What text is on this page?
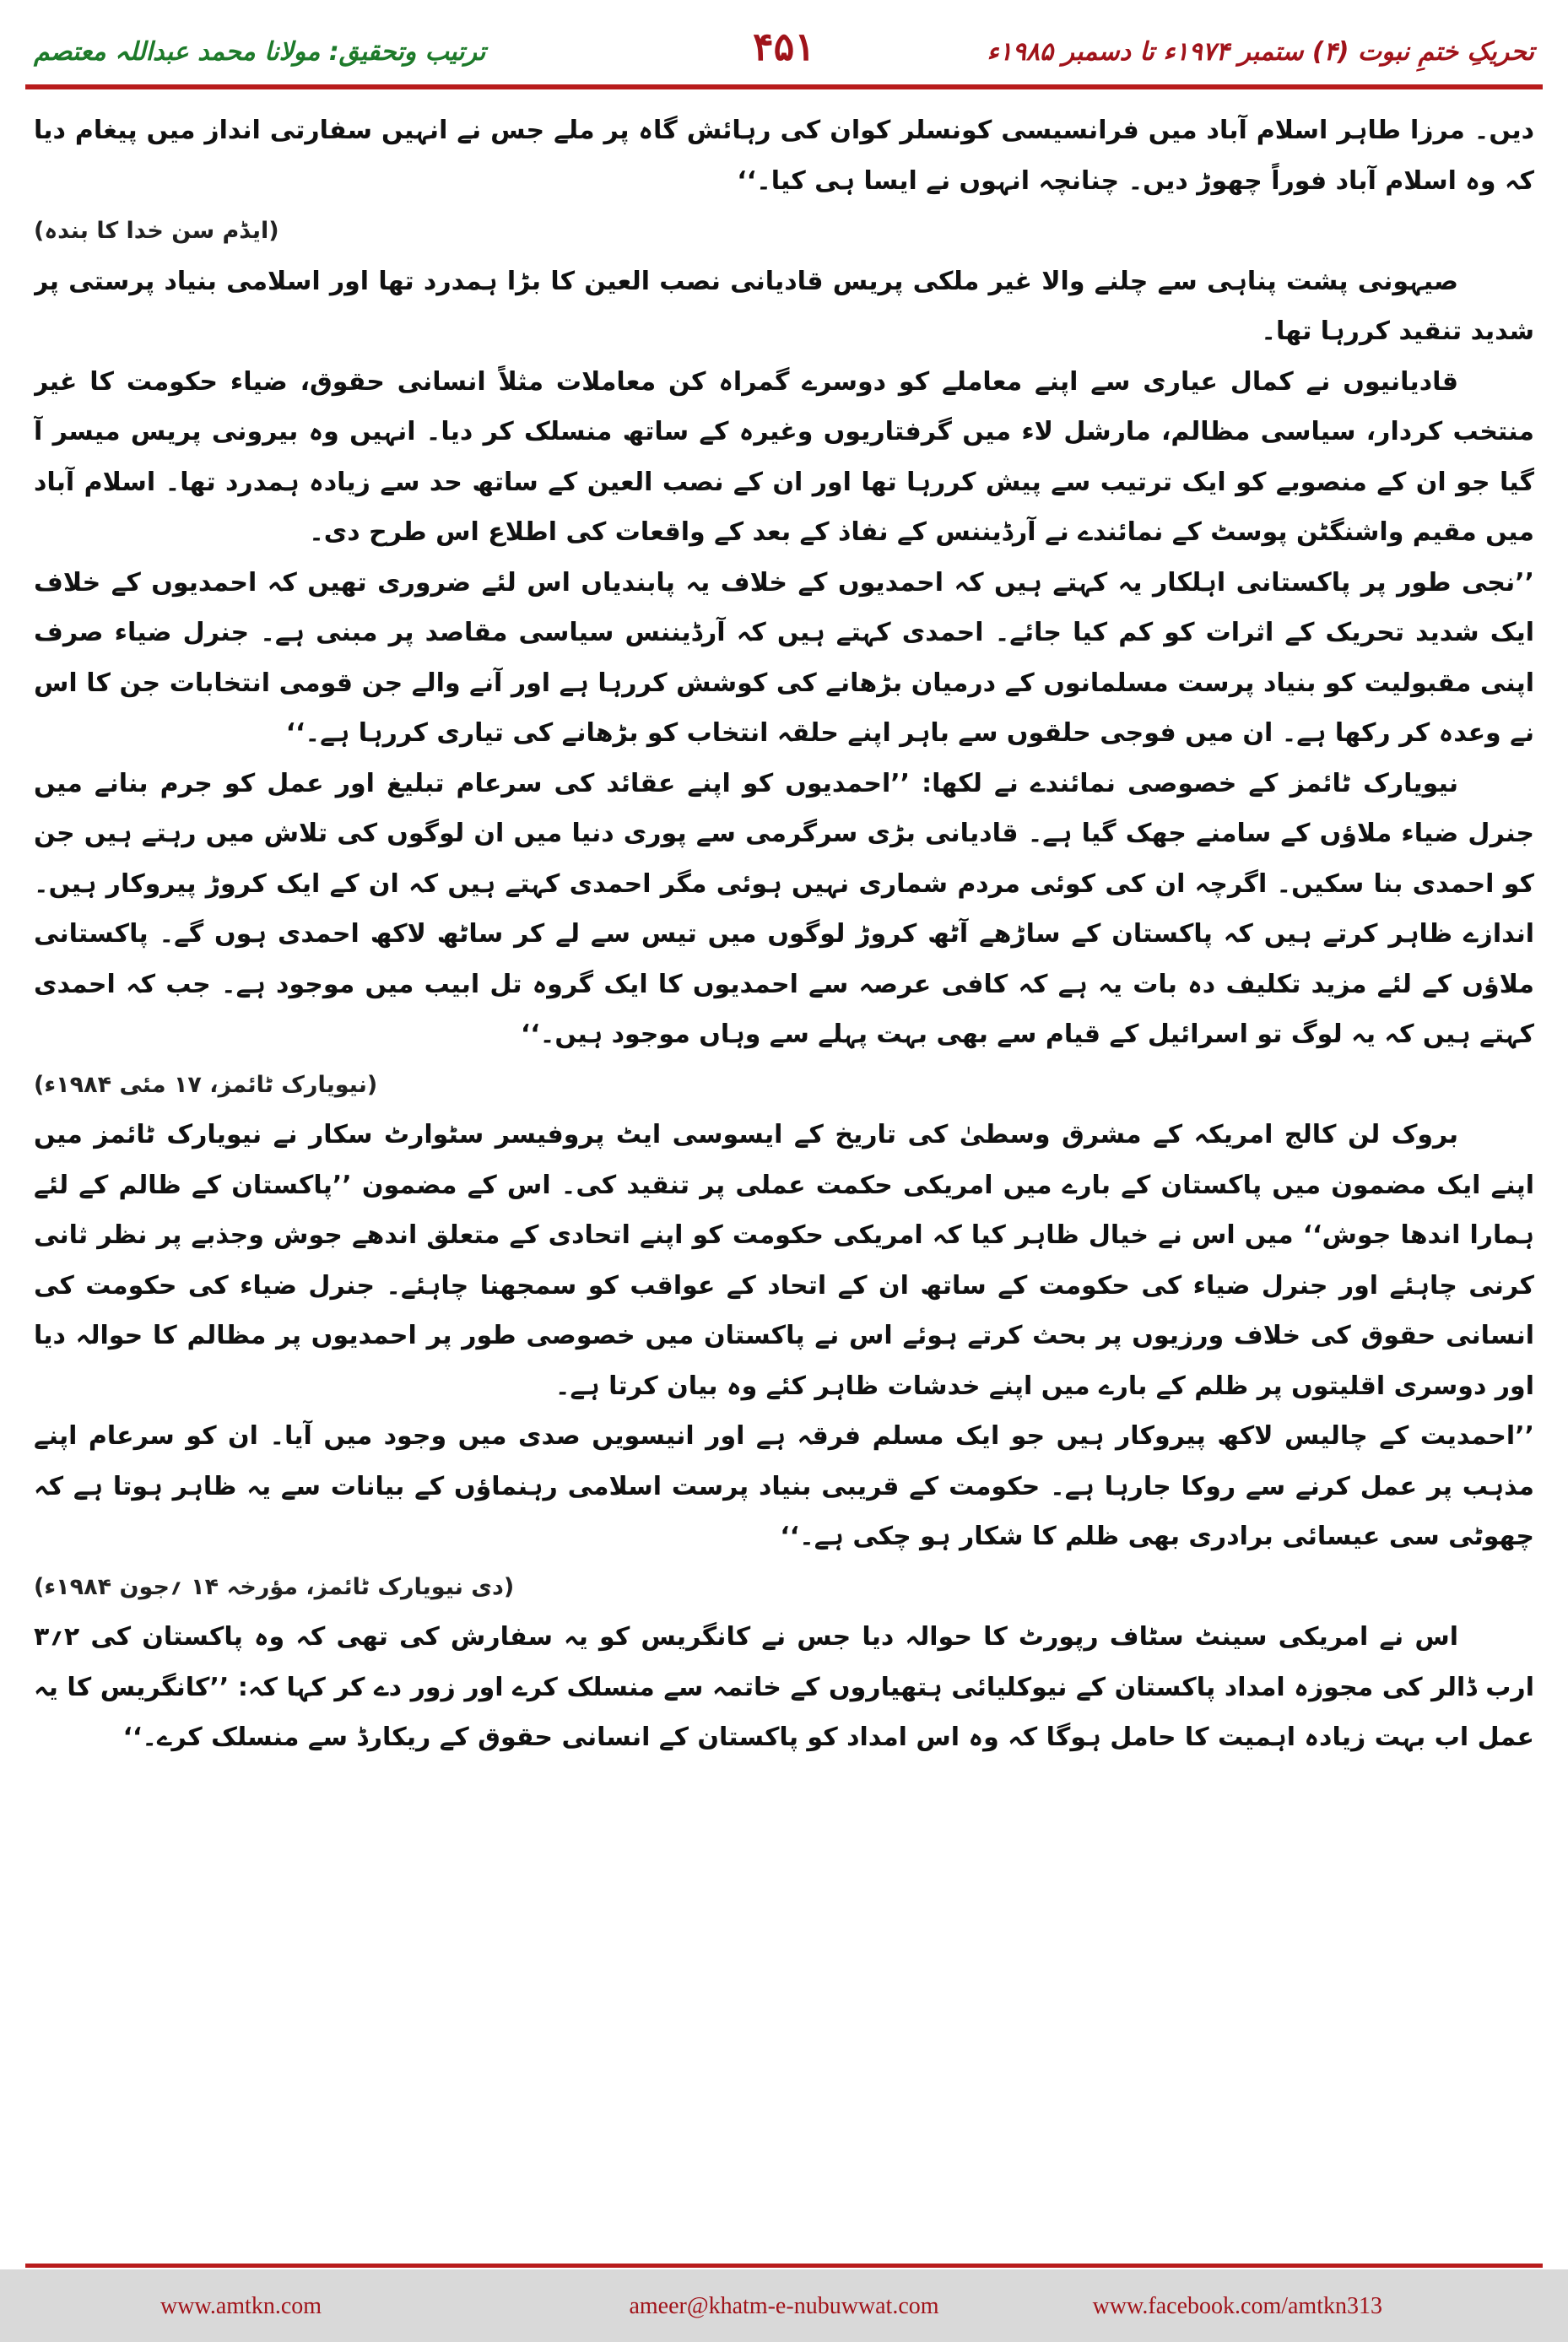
تحریکِ ختمِ نبوت (۴) ستمبر ۱۹۷۴ء تا دسمبر ۱۹۸۵ء
۴۵۱
ترتیب وتحقیق: مولانا محمد عبداللہ معتصم

دیں۔ مرزا طاہر اسلام آباد میں فرانسیسی کونسلر کوان کی رہائش گاہ پر ملے جس نے انہیں سفارتی انداز میں پیغام دیا کہ وہ اسلام آباد فوراً چھوڑ دیں۔ چنانچہ انہوں نے ایسا ہی کیا۔‘‘

(ایڈم سن خدا کا بندہ)

صیہونی پشت پناہی سے چلنے والا غیر ملکی پریس قادیانی نصب العین کا بڑا ہمدرد تھا اور اسلامی بنیاد پرستی پر شدید تنقید کررہا تھا۔

قادیانیوں نے کمال عیاری سے اپنے معاملے کو دوسرے گمراہ کن معاملات مثلاً انسانی حقوق، ضیاء حکومت کا غیر منتخب کردار، سیاسی مظالم، مارشل لاء میں گرفتاریوں وغیرہ کے ساتھ منسلک کر دیا۔ انہیں وہ بیرونی پریس میسر آ گیا جو ان کے منصوبے کو ایک ترتیب سے پیش کررہا تھا اور ان کے نصب العین کے ساتھ حد سے زیادہ ہمدرد تھا۔ اسلام آباد میں مقیم واشنگٹن پوسٹ کے نمائندے نے آرڈیننس کے نفاذ کے بعد کے واقعات کی اطلاع اس طرح دی۔

’’نجی طور پر پاکستانی اہلکار یہ کہتے ہیں کہ احمدیوں کے خلاف یہ پابندیاں اس لئے ضروری تھیں کہ احمدیوں کے خلاف ایک شدید تحریک کے اثرات کو کم کیا جائے۔ احمدی کہتے ہیں کہ آرڈیننس سیاسی مقاصد پر مبنی ہے۔ جنرل ضیاء صرف اپنی مقبولیت کو بنیاد پرست مسلمانوں کے درمیان بڑھانے کی کوشش کررہا ہے اور آنے والے جن قومی انتخابات جن کا اس نے وعدہ کر رکھا ہے۔ ان میں فوجی حلقوں سے باہر اپنے حلقہ انتخاب کو بڑھانے کی تیاری کررہا ہے۔‘‘

نیویارک ٹائمز کے خصوصی نمائندے نے لکھا: ’’احمدیوں کو اپنے عقائد کی سرعام تبلیغ اور عمل کو جرم بنانے میں جنرل ضیاء ملاؤں کے سامنے جھک گیا ہے۔ قادیانی بڑی سرگرمی سے پوری دنیا میں ان لوگوں کی تلاش میں رہتے ہیں جن کو احمدی بنا سکیں۔ اگرچہ ان کی کوئی مردم شماری نہیں ہوئی مگر احمدی کہتے ہیں کہ ان کے ایک کروڑ پیروکار ہیں۔ اندازے ظاہر کرتے ہیں کہ پاکستان کے ساڑھے آٹھ کروڑ لوگوں میں تیس سے لے کر ساٹھ لاکھ احمدی ہوں گے۔ پاکستانی ملاؤں کے لئے مزید تکلیف دہ بات یہ ہے کہ کافی عرصہ سے احمدیوں کا ایک گروہ تل ابیب میں موجود ہے۔ جب کہ احمدی کہتے ہیں کہ یہ لوگ تو اسرائیل کے قیام سے بھی بہت پہلے سے وہاں موجود ہیں۔‘‘

(نیویارک ٹائمز، ۱۷ مئی ۱۹۸۴ء)

بروک لن کالج امریکہ کے مشرق وسطیٰ کی تاریخ کے ایسوسی ایٹ پروفیسر سٹوارٹ سکار نے نیویارک ٹائمز میں اپنے ایک مضمون میں پاکستان کے بارے میں امریکی حکمت عملی پر تنقید کی۔ اس کے مضمون ’’پاکستان کے ظالم کے لئے ہمارا اندھا جوش‘‘ میں اس نے خیال ظاہر کیا کہ امریکی حکومت کو اپنے اتحادی کے متعلق اندھے جوش وجذبے پر نظر ثانی کرنی چاہئے اور جنرل ضیاء کی حکومت کے ساتھ ان کے اتحاد کے عواقب کو سمجھنا چاہئے۔ جنرل ضیاء کی حکومت کی انسانی حقوق کی خلاف ورزیوں پر بحث کرتے ہوئے اس نے پاکستان میں خصوصی طور پر احمدیوں پر مظالم کا حوالہ دیا اور دوسری اقلیتوں پر ظلم کے بارے میں اپنے خدشات ظاہر کئے وہ بیان کرتا ہے۔

’’احمدیت کے چالیس لاکھ پیروکار ہیں جو ایک مسلم فرقہ ہے اور انیسویں صدی میں وجود میں آیا۔ ان کو سرعام اپنے مذہب پر عمل کرنے سے روکا جارہا ہے۔ حکومت کے قریبی بنیاد پرست اسلامی رہنماؤں کے بیانات سے یہ ظاہر ہوتا ہے کہ چھوٹی سی عیسائی برادری بھی ظلم کا شکار ہو چکی ہے۔‘‘

(دی نیویارک ٹائمز، مؤرخہ ۱۴ ؍جون ۱۹۸۴ء)

اس نے امریکی سینٹ سٹاف رپورٹ کا حوالہ دیا جس نے کانگریس کو یہ سفارش کی تھی کہ وہ پاکستان کی ۲؍۳ ارب ڈالر کی مجوزہ امداد پاکستان کے نیوکلیائی ہتھیاروں کے خاتمہ سے منسلک کرے اور زور دے کر کہا کہ: ’’کانگریس کا یہ عمل اب بہت زیادہ اہمیت کا حامل ہوگا کہ وہ اس امداد کو پاکستان کے انسانی حقوق کے ریکارڈ سے منسلک کرے۔‘‘

www.amtkn.com	ameer@khatm-e-nubuwwat.com	www.facebook.com/amtkn313
